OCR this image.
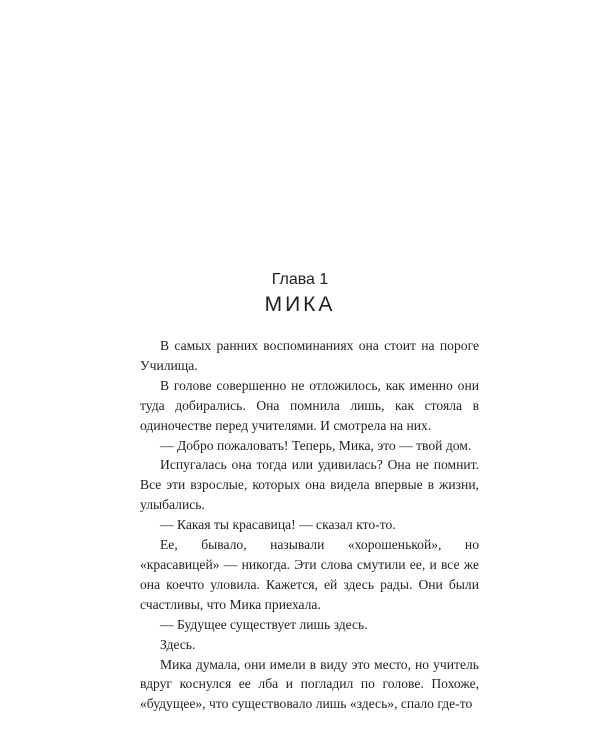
Глава 1
МИКА

В самых ранних воспоминаниях она стоит на пороге Училища.

В голове совершенно не отложилось, как именно они туда добирались. Она помнила лишь, как стояла в одиночестве перед учителями. И смотрела на них.

— Добро пожаловать! Теперь, Мика, это — твой дом.

Испугалась она тогда или удивилась? Она не помнит. Все эти взрослые, которых она видела впервые в жизни, улыбались.

— Какая ты красавица! — сказал кто-то.

Ее, бывало, называли «хорошенькой», но «красавицей» — никогда. Эти слова смутили ее, и все же она коечто уловила. Кажется, ей здесь рады. Они были счастливы, что Мика приехала.

— Будущее существует лишь здесь.

Здесь.

Мика думала, они имели в виду это место, но учитель вдруг коснулся ее лба и погладил по голове. Похоже, «будущее», что существовало лишь «здесь», спало где-то
